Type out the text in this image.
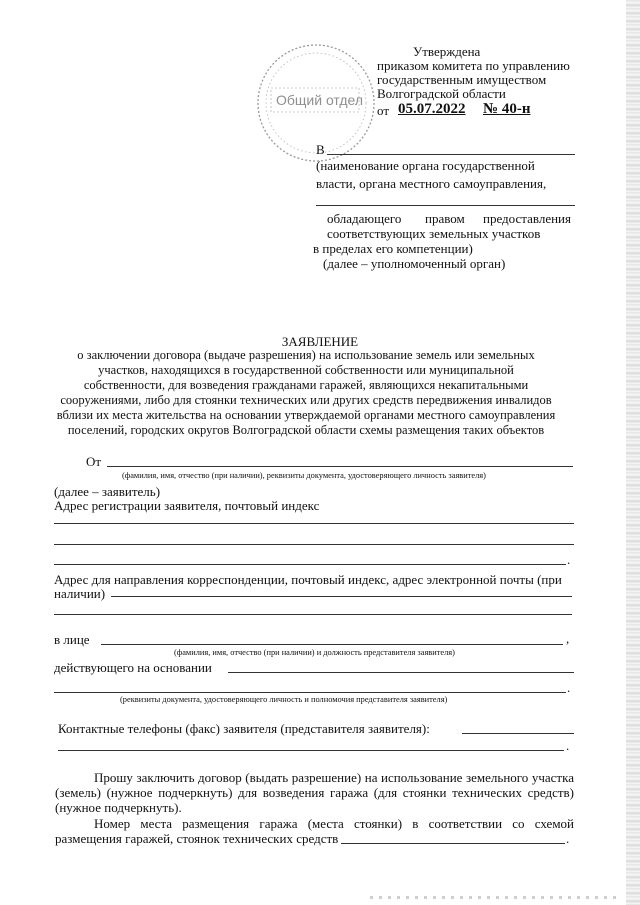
Общий отдел
Утверждена
приказом комитета по управлению
государственным имуществом
Волгоградской области
от 05.07.2022 № 40-н
В
(наименование органа государственной
власти, органа местного самоуправления,
обладающего правом предоставления
соответствующих земельных участков
в пределах его компетенции)
(далее – уполномоченный орган)
ЗАЯВЛЕНИЕ
о заключении договора (выдаче разрешения) на использование земель или земельных
участков, находящихся в государственной собственности или муниципальной
собственности, для возведения гражданами гаражей, являющихся некапитальными
сооружениями, либо для стоянки технических или других средств передвижения инвалидов
вблизи их места жительства на основании утверждаемой органами местного самоуправления
поселений, городских округов Волгоградской области схемы размещения таких объектов
От
(фамилия, имя, отчество (при наличии), реквизиты документа, удостоверяющего личность заявителя)
(далее – заявитель)
Адрес регистрации заявителя, почтовый индекс
.
Адрес для направления корреспонденции, почтовый индекс, адрес электронной почты (при
наличии)
в лице	,
(фамилия, имя, отчество (при наличии) и должность представителя заявителя)
действующего на основании
.
(реквизиты документа, удостоверяющего личность и полномочия представителя заявителя)
Контактные телефоны (факс) заявителя (представителя заявителя):
.
Прошу заключить договор (выдать разрешение) на использование земельного участка
(земель) (нужное подчеркнуть) для возведения гаража (для стоянки технических средств)
(нужное подчеркнуть).
Номер места размещения гаража (места стоянки) в соответствии со схемой
размещения гаражей, стоянок технических средств	.
